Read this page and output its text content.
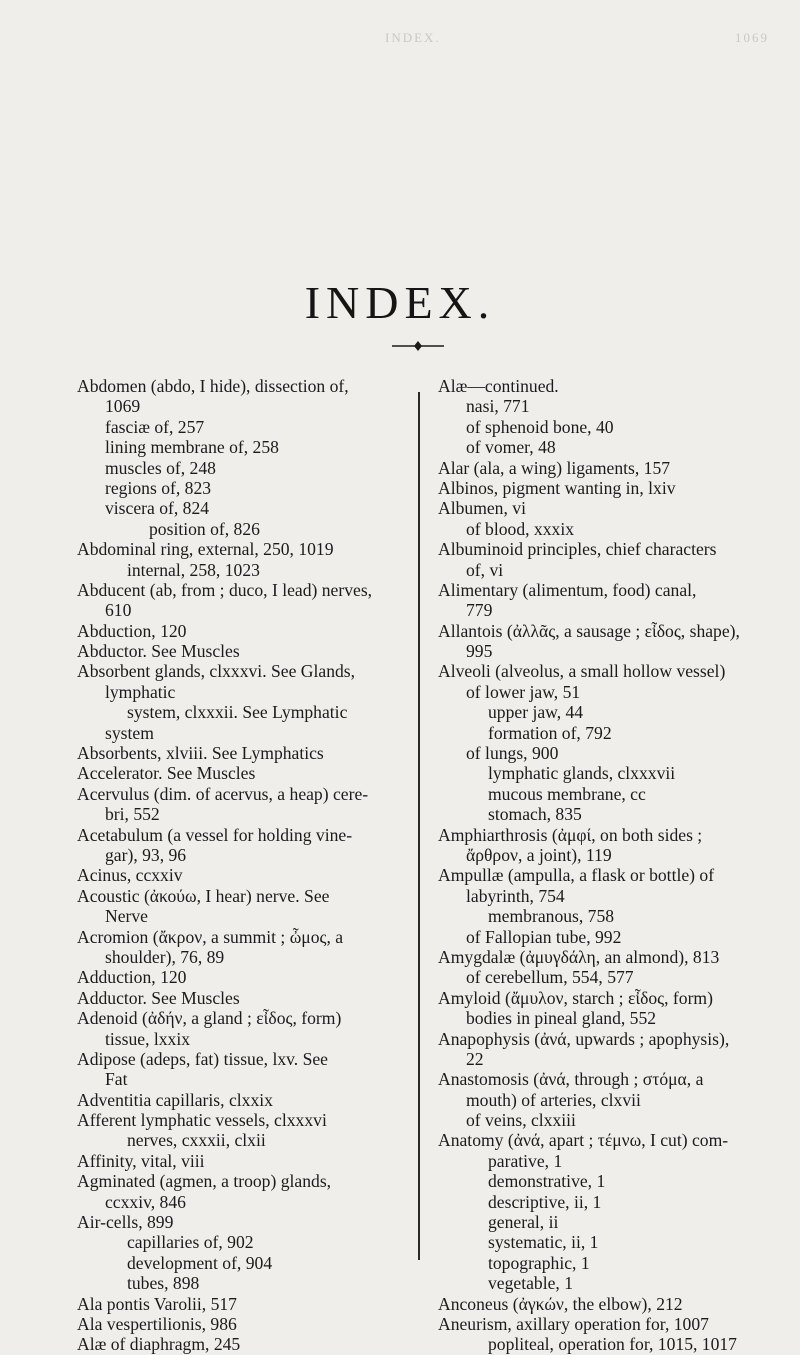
INDEX.	1069
INDEX.
Abdomen (abdo, I hide), dissection of,
1069
fasciæ of, 257
lining membrane of, 258
muscles of, 248
regions of, 823
viscera of, 824
position of, 826
Abdominal ring, external, 250, 1019
internal, 258, 1023
Abducent (ab, from ; duco, I lead) nerves,
610
Abduction, 120
Abductor. See Muscles
Absorbent glands, clxxxvi. See Glands,
lymphatic
system, clxxxii. See Lymphatic
system
Absorbents, xlviii. See Lymphatics
Accelerator. See Muscles
Acervulus (dim. of acervus, a heap) cere-
bri, 552
Acetabulum (a vessel for holding vine-
gar), 93, 96
Acinus, ccxxiv
Acoustic (ἀκούω, I hear) nerve. See
Nerve
Acromion (ἄκρον, a summit ; ὦμος, a
shoulder), 76, 89
Adduction, 120
Adductor. See Muscles
Adenoid (ἀδήν, a gland ; εἶδος, form)
tissue, lxxix
Adipose (adeps, fat) tissue, lxv. See
Fat
Adventitia capillaris, clxxix
Afferent lymphatic vessels, clxxxvi
nerves, cxxxii, clxii
Affinity, vital, viii
Agminated (agmen, a troop) glands,
ccxxiv, 846
Air-cells, 899
capillaries of, 902
development of, 904
tubes, 898
Ala pontis Varolii, 517
Ala vespertilionis, 986
Alæ of diaphragm, 245
Alæ—continued.
nasi, 771
of sphenoid bone, 40
of vomer, 48
Alar (ala, a wing) ligaments, 157
Albinos, pigment wanting in, lxiv
Albumen, vi
of blood, xxxix
Albuminoid principles, chief characters
of, vi
Alimentary (alimentum, food) canal,
779
Allantois (ἀλλᾶς, a sausage ; εἶδος, shape),
995
Alveoli (alveolus, a small hollow vessel)
of lower jaw, 51
upper jaw, 44
formation of, 792
of lungs, 900
lymphatic glands, clxxxvii
mucous membrane, cc
stomach, 835
Amphiarthrosis (ἀμφί, on both sides ;
ἄρθρον, a joint), 119
Ampullæ (ampulla, a flask or bottle) of
labyrinth, 754
membranous, 758
of Fallopian tube, 992
Amygdalæ (ἀμυγδάλη, an almond), 813
of cerebellum, 554, 577
Amyloid (ἄμυλον, starch ; εἶδος, form)
bodies in pineal gland, 552
Anapophysis (ἀνά, upwards ; apophysis),
22
Anastomosis (ἀνά, through ; στόμα, a
mouth) of arteries, clxvii
of veins, clxxiii
Anatomy (ἀνά, apart ; τέμνω, I cut) com-
parative, 1
demonstrative, 1
descriptive, ii, 1
general, ii
systematic, ii, 1
topographic, 1
vegetable, 1
Anconeus (ἀγκών, the elbow), 212
Aneurism, axillary operation for, 1007
popliteal, operation for, 1015, 1017
